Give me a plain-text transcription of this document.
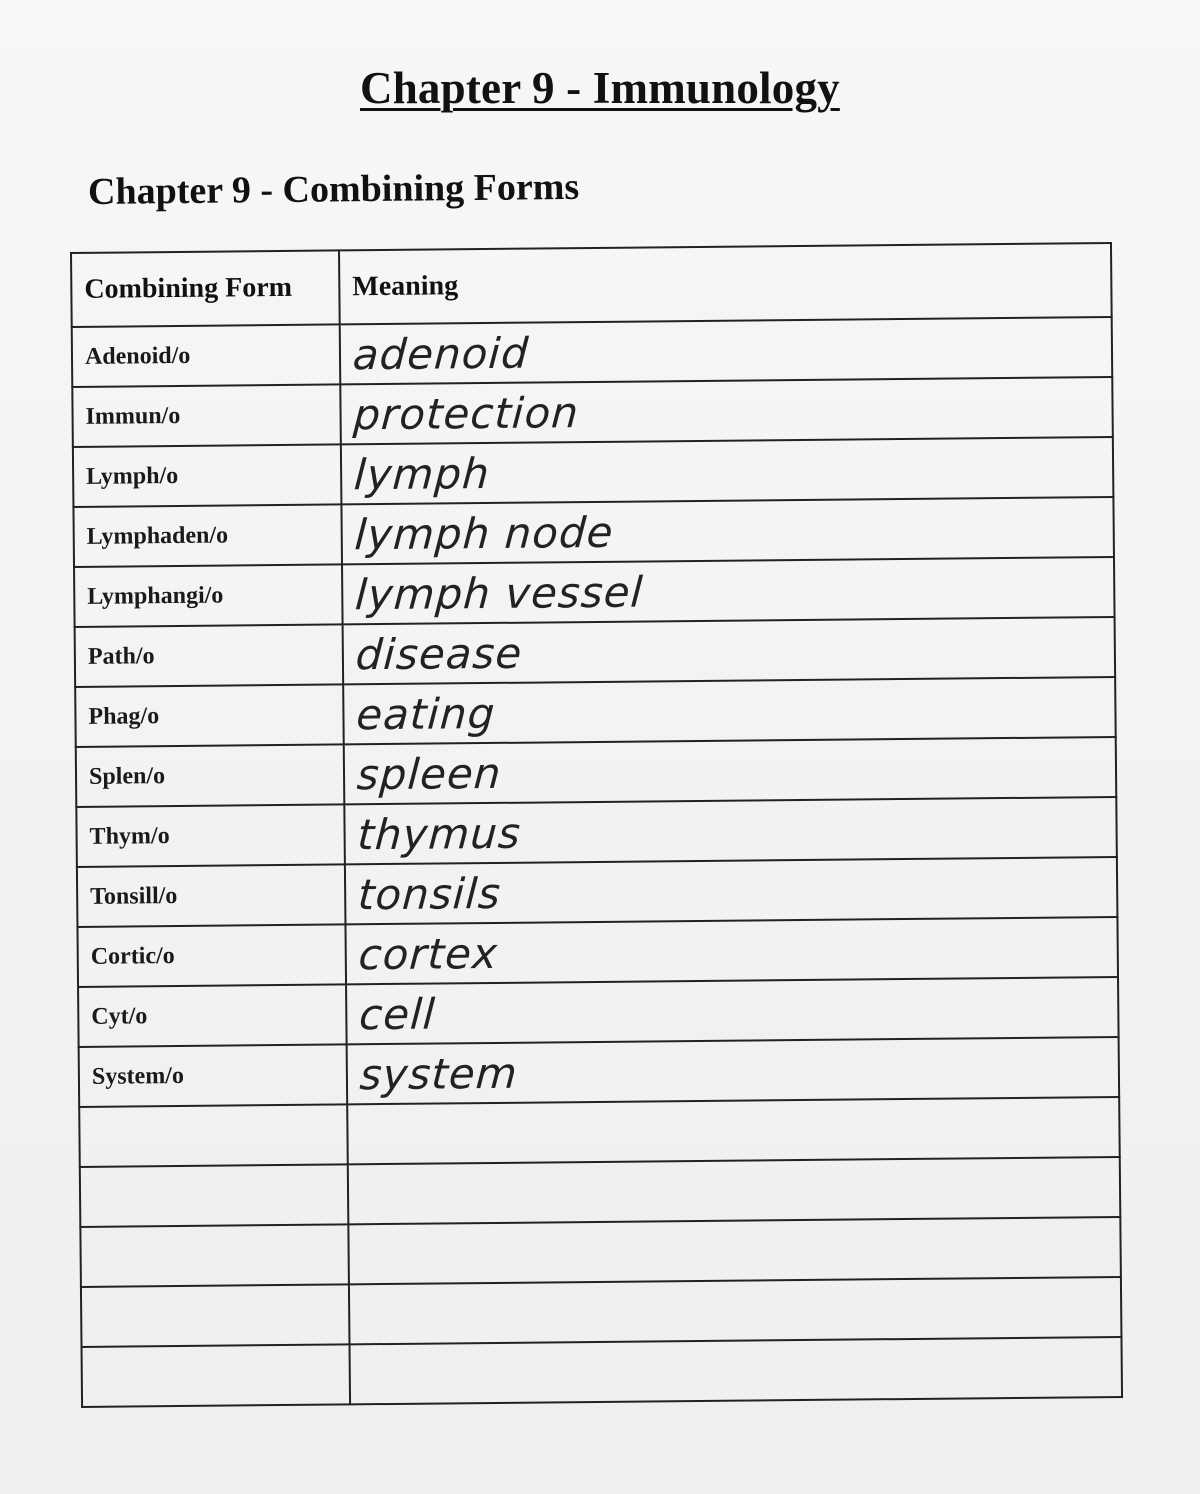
Chapter 9 - Immunology
Chapter 9 - Combining Forms
Combining Form	Meaning
Adenoid/o	adenoid
Immun/o	protection
Lymph/o	lymph
Lymphaden/o	lymph node
Lymphangi/o	lymph vessel
Path/o	disease
Phag/o	eating
Splen/o	spleen
Thym/o	thymus
Tonsill/o	tonsils
Cortic/o	cortex
Cyt/o	cell
System/o	system
